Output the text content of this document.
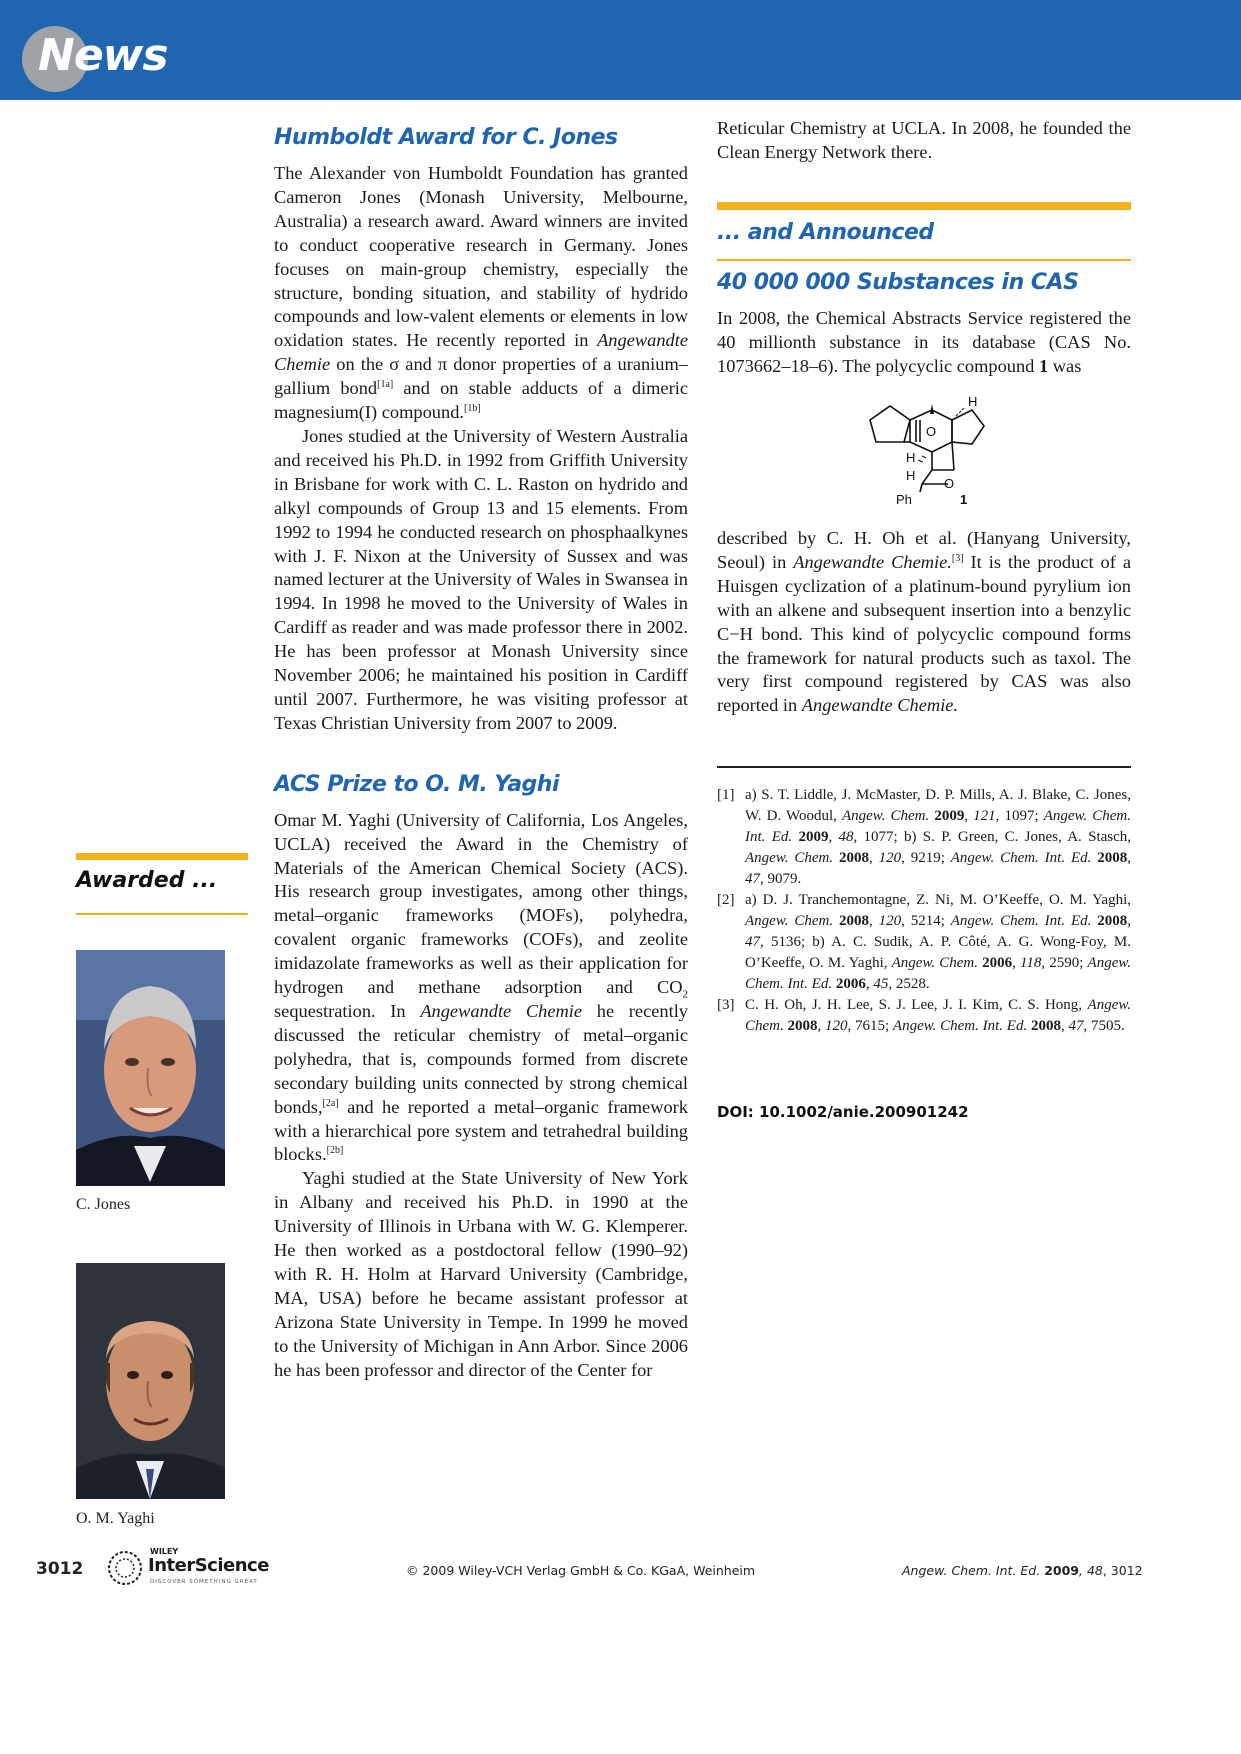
News
Awarded ...
C. Jones
O. M. Yaghi
Humboldt Award for C. Jones

The Alexander von Humboldt Foundation has granted Cameron Jones (Monash University, Melbourne, Australia) a research award. Award winners are invited to conduct cooperative research in Germany. Jones focuses on main-group chemistry, especially the structure, bonding situation, and stability of hydrido compounds and low-valent elements or elements in low oxidation states. He recently reported in Angewandte Chemie on the σ and π donor properties of a uranium–gallium bond[1a] and on stable adducts of a dimeric magnesium(I) compound.[1b]

Jones studied at the University of Western Australia and received his Ph.D. in 1992 from Griffith University in Brisbane for work with C. L. Raston on hydrido and alkyl compounds of Group 13 and 15 elements. From 1992 to 1994 he conducted research on phosphaalkynes with J. F. Nixon at the University of Sussex and was named lecturer at the University of Wales in Swansea in 1994. In 1998 he moved to the University of Wales in Cardiff as reader and was made professor there in 2002. He has been professor at Monash University since November 2006; he maintained his position in Cardiff until 2007. Furthermore, he was visiting professor at Texas Christian University from 2007 to 2009.

ACS Prize to O. M. Yaghi

Omar M. Yaghi (University of California, Los Angeles, UCLA) received the Award in the Chemistry of Materials of the American Chemical Society (ACS). His research group investigates, among other things, metal–organic frameworks (MOFs), polyhedra, covalent organic frameworks (COFs), and zeolite imidazolate frameworks as well as their application for hydrogen and methane adsorption and $CO_2$ sequestration. In Angewandte Chemie he recently discussed the reticular chemistry of metal–organic polyhedra, that is, compounds formed from discrete secondary building units connected by strong chemical bonds,[2a] and he reported a metal–organic framework with a hierarchical pore system and tetrahedral building blocks.[2b]

Yaghi studied at the State University of New York in Albany and received his Ph.D. in 1990 at the University of Illinois in Urbana with W. G. Klemperer. He then worked as a postdoctoral fellow (1990–92) with R. H. Holm at Harvard University (Cambridge, MA, USA) before he became assistant professor at Arizona State University in Tempe. In 1999 he moved to the University of Michigan in Ann Arbor. Since 2006 he has been professor and director of the Center for

Reticular Chemistry at UCLA. In 2008, he founded the Clean Energy Network there.

... and Announced
40 000 000 Substances in CAS

In 2008, the Chemical Abstracts Service registered the 40 millionth substance in its database (CAS No. 1073662–18–6). The polycyclic compound 1 was

H
O
H
H
O
Ph	1

described by C. H. Oh et al. (Hanyang University, Seoul) in Angewandte Chemie.[3] It is the product of a Huisgen cyclization of a platinum-bound pyrylium ion with an alkene and subsequent insertion into a benzylic C−H bond. This kind of polycyclic compound forms the framework for natural products such as taxol. The very first compound registered by CAS was also reported in Angewandte Chemie.

[1] a) S. T. Liddle, J. McMaster, D. P. Mills, A. J. Blake, C. Jones, W. D. Woodul, Angew. Chem. 2009, 121, 1097; Angew. Chem. Int. Ed. 2009, 48, 1077; b) S. P. Green, C. Jones, A. Stasch, Angew. Chem. 2008, 120, 9219; Angew. Chem. Int. Ed. 2008, 47, 9079.
[2] a) D. J. Tranchemontagne, Z. Ni, M. O’Keeffe, O. M. Yaghi, Angew. Chem. 2008, 120, 5214; Angew. Chem. Int. Ed. 2008, 47, 5136; b) A. C. Sudik, A. P. Côté, A. G. Wong-Foy, M. O’Keeffe, O. M. Yaghi, Angew. Chem. 2006, 118, 2590; Angew. Chem. Int. Ed. 2006, 45, 2528.
[3] C. H. Oh, J. H. Lee, S. J. Lee, J. I. Kim, C. S. Hong, Angew. Chem. 2008, 120, 7615; Angew. Chem. Int. Ed. 2008, 47, 7505.
DOI: 10.1002/anie.200901242
3012
WILEY
InterScience
DISCOVER SOMETHING GREAT
© 2009 Wiley-VCH Verlag GmbH & Co. KGaA, Weinheim	Angew. Chem. Int. Ed. 2009, 48, 3012
